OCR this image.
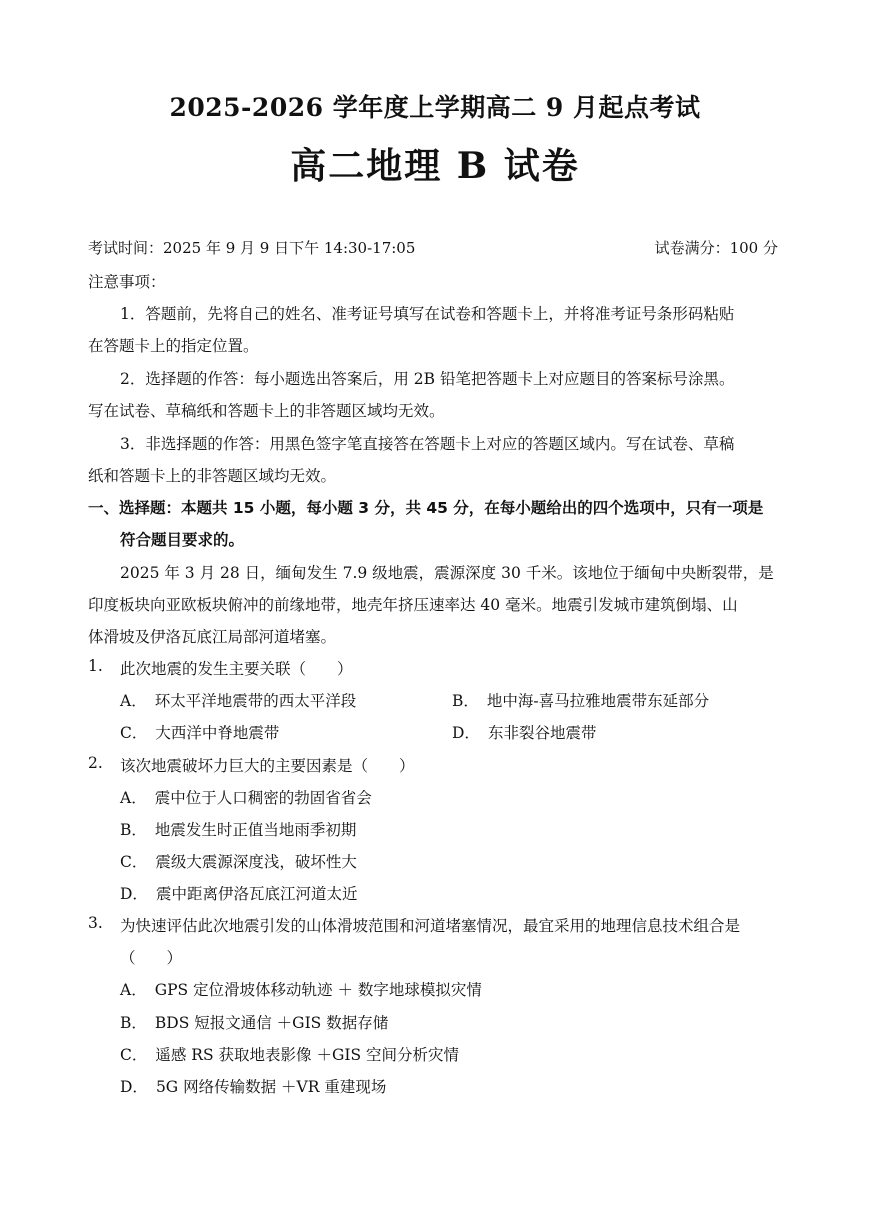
2025-2026 学年度上学期高二 9 月起点考试
高二地理 B 试卷
考试时间：2025 年 9 月 9 日下午 14:30-17:05	试卷满分：100 分
注意事项：
1．答题前，先将自己的姓名、准考证号填写在试卷和答题卡上，并将准考证号条形码粘贴
在答题卡上的指定位置。
2．选择题的作答：每小题选出答案后，用 2B 铅笔把答题卡上对应题目的答案标号涂黑。
写在试卷、草稿纸和答题卡上的非答题区域均无效。
3．非选择题的作答：用黑色签字笔直接答在答题卡上对应的答题区域内。写在试卷、草稿
纸和答题卡上的非答题区域均无效。
一、选择题：本题共 15 小题，每小题 3 分，共 45 分，在每小题给出的四个选项中，只有一项是
符合题目要求的。
2025 年 3 月 28 日，缅甸发生 7.9 级地震，震源深度 30 千米。该地位于缅甸中央断裂带，是
印度板块向亚欧板块俯冲的前缘地带，地壳年挤压速率达 40 毫米。地震引发城市建筑倒塌、山
体滑坡及伊洛瓦底江局部河道堵塞。
1. 此次地震的发生主要关联（　　）
A． 环太平洋地震带的西太平洋段	B． 地中海-喜马拉雅地震带东延部分
C． 大西洋中脊地震带	D． 东非裂谷地震带
2. 该次地震破坏力巨大的主要因素是（　　）
A． 震中位于人口稠密的勃固省省会
B． 地震发生时正值当地雨季初期
C． 震级大震源深度浅，破坏性大
D． 震中距离伊洛瓦底江河道太近
3. 为快速评估此次地震引发的山体滑坡范围和河道堵塞情况，最宜采用的地理信息技术组合是
（　　）
A． GPS 定位滑坡体移动轨迹 ＋ 数字地球模拟灾情
B． BDS 短报文通信 ＋GIS 数据存储
C． 遥感 RS 获取地表影像 ＋GIS 空间分析灾情
D． 5G 网络传输数据 ＋VR 重建现场
